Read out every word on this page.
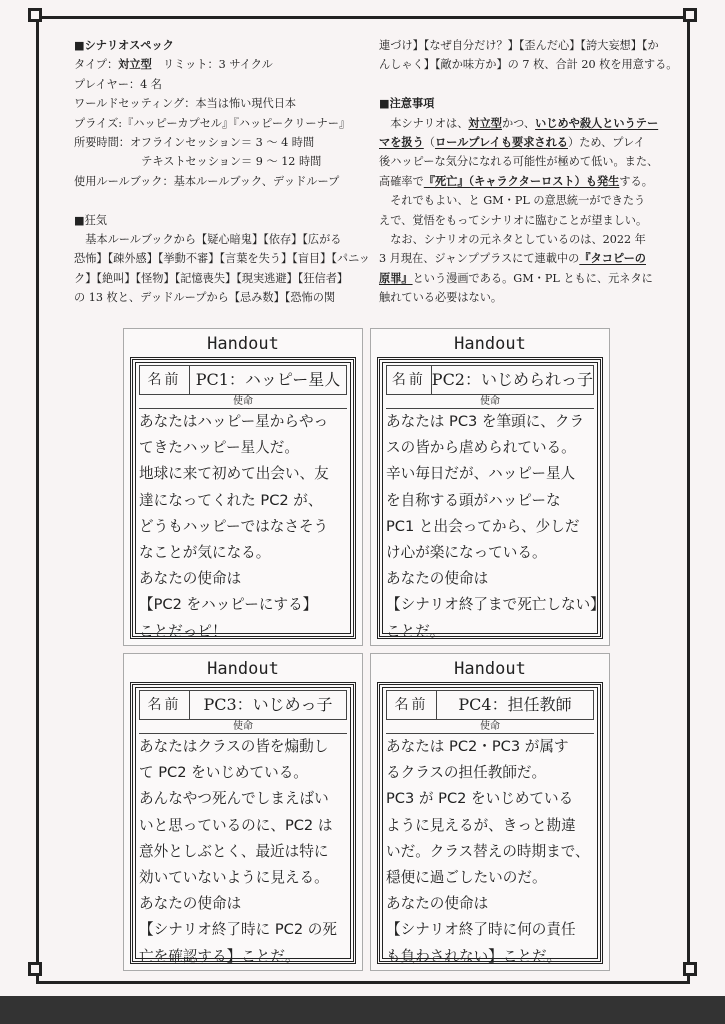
■シナリオスペック
タイプ：対立型　リミット：3 サイクル
プレイヤー：4 名
ワールドセッティング：本当は怖い現代日本
プライズ:『ハッピーカプセル』『ハッピークリーナー』
所要時間：オフラインセッション＝ 3 ～ 4 時間
　　　　　　テキストセッション＝ 9 ～ 12 時間
使用ルールブック：基本ルールブック、デッドループ
■狂気
　基本ルールブックから【疑心暗鬼】【依存】【広がる
恐怖】【疎外感】【挙動不審】【言葉を失う】【盲目】【パニッ
ク】【絶叫】【怪物】【記憶喪失】【現実逃避】【狂信者】
の 13 枚と、デッドループから【忌み数】【恐怖の関
連づけ】【なぜ自分だけ？】【歪んだ心】【誇大妄想】【か
んしゃく】【敵か味方か】の 7 枚、合計 20 枚を用意する。
■注意事項
　本シナリオは、対立型かつ、いじめや殺人というテー
マを扱う（ロールプレイも要求される）ため、プレイ
後ハッピーな気分になれる可能性が極めて低い。また、
高確率で『死亡』（キャラクターロスト）も発生する。
　それでもよい、と GM・PL の意思統一ができたう
えで、覚悟をもってシナリオに臨むことが望ましい。
　なお、シナリオの元ネタとしているのは、2022 年
3 月現在、ジャンププラスにて連載中の『タコピーの
原罪』という漫画である。GM・PL ともに、元ネタに
触れている必要はない。
Handout
名前 PC1：ハッピー星人
使命
あなたはハッピー星からやっ
てきたハッピー星人だ。
地球に来て初めて出会い、友
達になってくれた PC2 が、
どうもハッピーではなさそう
なことが気になる。
あなたの使命は
【PC2 をハッピーにする】
ことだっピ！
Handout
名前 PC2：いじめられっ子
使命
あなたは PC3 を筆頭に、クラ
スの皆から虐められている。
辛い毎日だが、ハッピー星人
を自称する頭がハッピーな
PC1 と出会ってから、少しだ
け心が楽になっている。
あなたの使命は
【シナリオ終了まで死亡しない】
ことだ。
Handout
名前	PC3：いじめっ子
使命
あなたはクラスの皆を煽動し
て PC2 をいじめている。
あんなやつ死んでしまえばい
いと思っているのに、PC2 は
意外としぶとく、最近は特に
効いていないように見える。
あなたの使命は
【シナリオ終了時に PC2 の死
亡を確認する】ことだ。
Handout
名前	PC4：担任教師
使命
あなたは PC2・PC3 が属す
るクラスの担任教師だ。
PC3 が PC2 をいじめている
ように見えるが、きっと勘違
いだ。クラス替えの時期まで、
穏便に過ごしたいのだ。
あなたの使命は
【シナリオ終了時に何の責任
も負わされない】ことだ。
